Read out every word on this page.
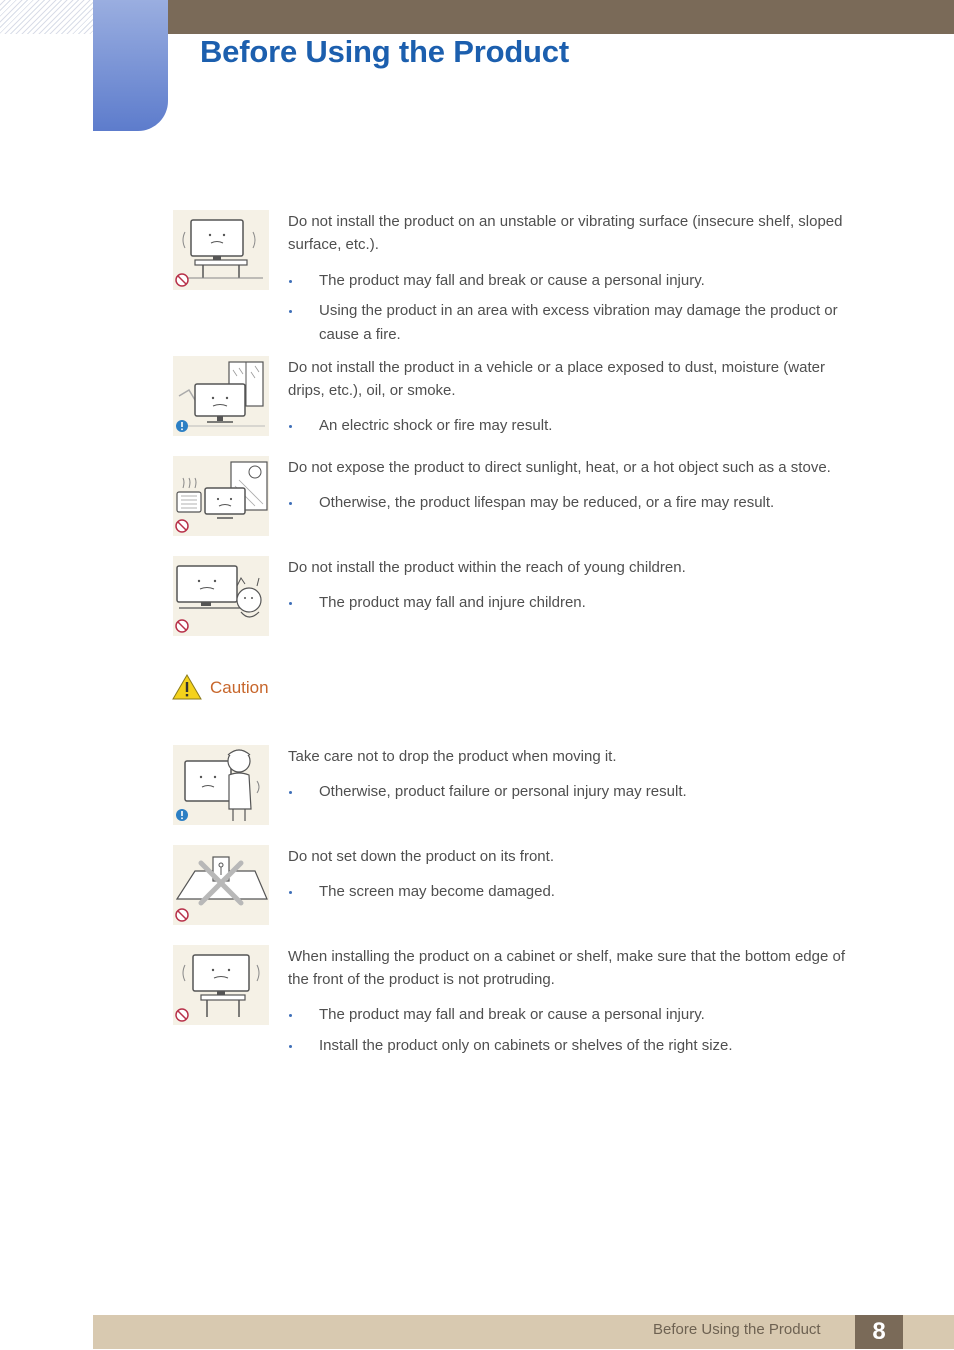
Before Using the Product

Do not install the product on an unstable or vibrating surface (insecure shelf, sloped surface, etc.).

The product may fall and break or cause a personal injury.
Using the product in an area with excess vibration may damage the product or cause a fire.

Do not install the product in a vehicle or a place exposed to dust, moisture (water drips, etc.), oil, or smoke.

An electric shock or fire may result.

Do not expose the product to direct sunlight, heat, or a hot object such as a stove.

Otherwise, the product lifespan may be reduced, or a fire may result.

Do not install the product within the reach of young children.

The product may fall and injure children.
Caution

Take care not to drop the product when moving it.

Otherwise, product failure or personal injury may result.

Do not set down the product on its front.

The screen may become damaged.

When installing the product on a cabinet or shelf, make sure that the bottom edge of the front of the product is not protruding.

The product may fall and break or cause a personal injury.
Install the product only on cabinets or shelves of the right size.
Before Using the Product	8
